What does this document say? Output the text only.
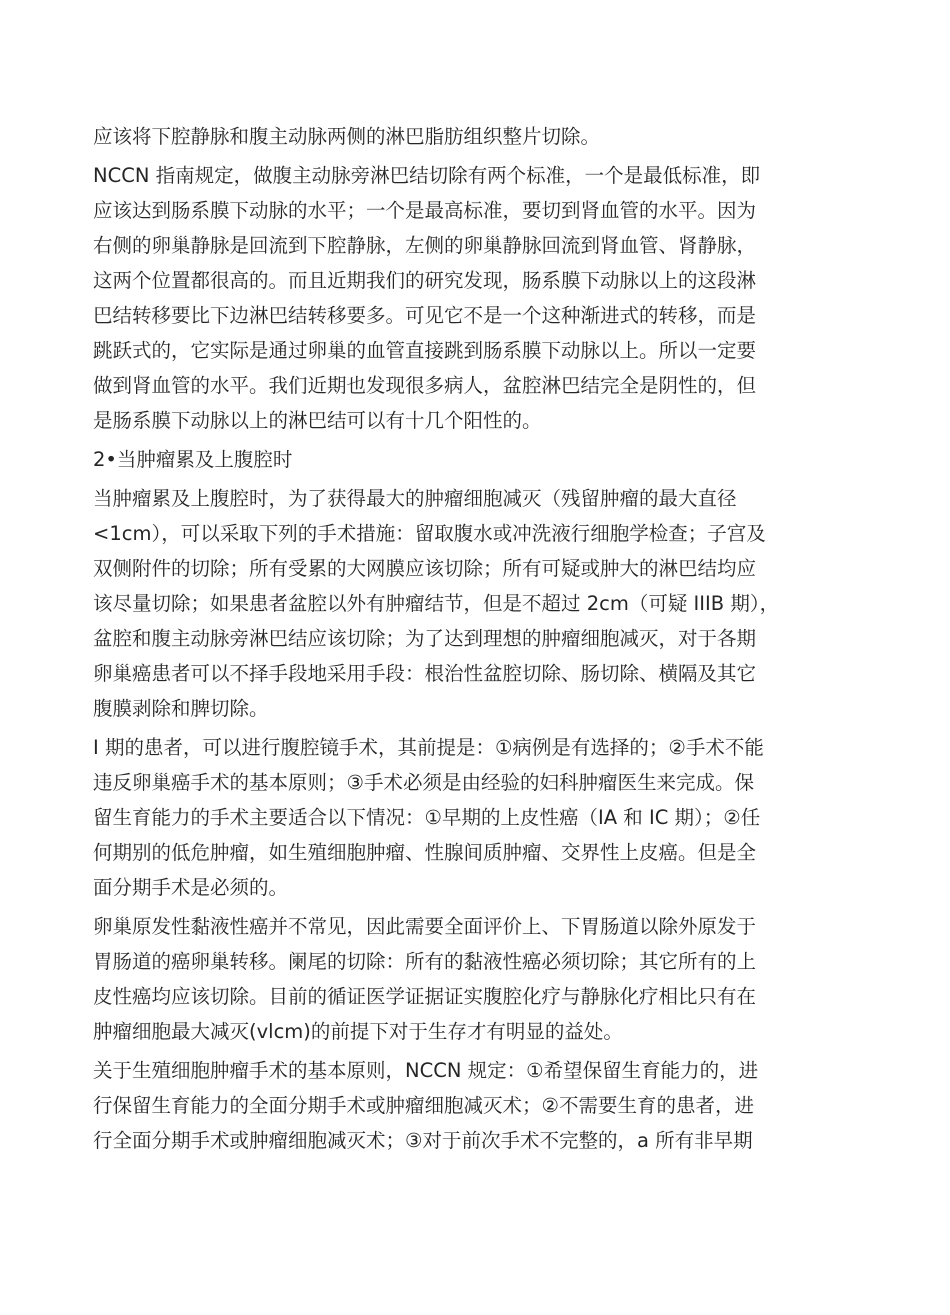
应该将下腔静脉和腹主动脉两侧的淋巴脂肪组织整片切除。
NCCN 指南规定，做腹主动脉旁淋巴结切除有两个标准，一个是最低标准，即
应该达到肠系膜下动脉的水平；一个是最高标准，要切到肾血管的水平。因为
右侧的卵巢静脉是回流到下腔静脉，左侧的卵巢静脉回流到肾血管、肾静脉，
这两个位置都很高的。而且近期我们的研究发现，肠系膜下动脉以上的这段淋
巴结转移要比下边淋巴结转移要多。可见它不是一个这种渐进式的转移，而是
跳跃式的，它实际是通过卵巢的血管直接跳到肠系膜下动脉以上。所以一定要
做到肾血管的水平。我们近期也发现很多病人，盆腔淋巴结完全是阴性的，但
是肠系膜下动脉以上的淋巴结可以有十几个阳性的。
2•当肿瘤累及上腹腔时
当肿瘤累及上腹腔时，为了获得最大的肿瘤细胞减灭（残留肿瘤的最大直径
<1cm），可以采取下列的手术措施：留取腹水或冲洗液行细胞学检查；子宫及
双侧附件的切除；所有受累的大网膜应该切除；所有可疑或肿大的淋巴结均应
该尽量切除；如果患者盆腔以外有肿瘤结节，但是不超过 2cm（可疑 IIIB 期），
盆腔和腹主动脉旁淋巴结应该切除；为了达到理想的肿瘤细胞减灭，对于各期
卵巢癌患者可以不择手段地采用手段：根治性盆腔切除、肠切除、横隔及其它
腹膜剥除和脾切除。
I 期的患者，可以进行腹腔镜手术，其前提是：①病例是有选择的；②手术不能
违反卵巢癌手术的基本原则；③手术必须是由经验的妇科肿瘤医生来完成。保
留生育能力的手术主要适合以下情况：①早期的上皮性癌（IA 和 IC 期）；②任
何期别的低危肿瘤，如生殖细胞肿瘤、性腺间质肿瘤、交界性上皮癌。但是全
面分期手术是必须的。
卵巢原发性黏液性癌并不常见，因此需要全面评价上、下胃肠道以除外原发于
胃肠道的癌卵巢转移。阑尾的切除：所有的黏液性癌必须切除；其它所有的上
皮性癌均应该切除。目前的循证医学证据证实腹腔化疗与静脉化疗相比只有在
肿瘤细胞最大减灭(vlcm)的前提下对于生存才有明显的益处。
关于生殖细胞肿瘤手术的基本原则，NCCN 规定：①希望保留生育能力的，进
行保留生育能力的全面分期手术或肿瘤细胞减灭术；②不需要生育的患者，进
行全面分期手术或肿瘤细胞减灭术；③对于前次手术不完整的，a 所有非早期
